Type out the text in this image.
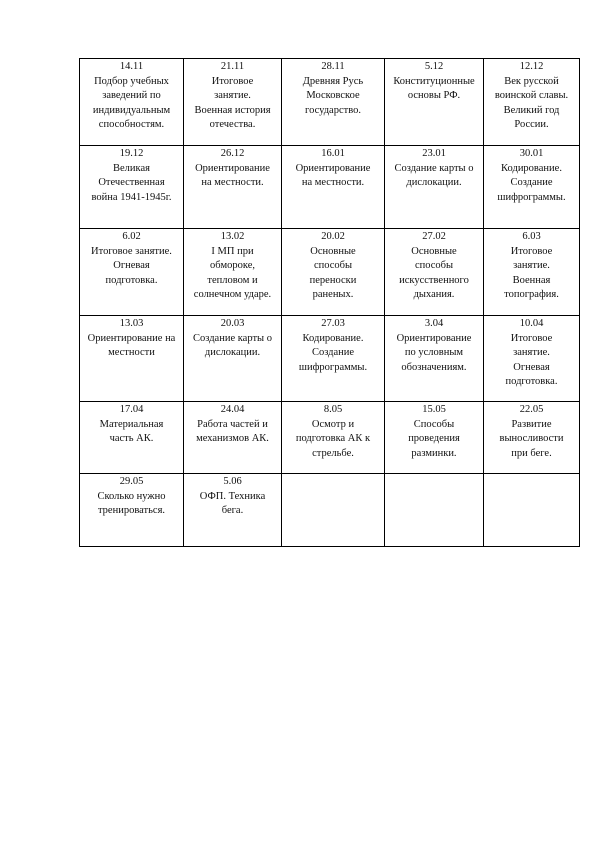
14.11
Подбор учебных
заведений по
индивидуальным
способностям.	21.11
Итоговое
занятие.
Военная история
отечества.	28.11
Древняя Русь
Московское
государство.	5.12
Конституционные
основы РФ.	12.12
Век русской
воинской славы.
Великий год
России.

19.12
Великая
Отечественная
война 1941-1945г.	26.12
Ориентирование
на местности.	16.01
Ориентирование
на местности.	23.01
Создание карты о
дислокации.	30.01
Кодирование.
Создание
шифрограммы.

6.02
Итоговое занятие.
Огневая
подготовка.	13.02
I МП при
обмороке,
тепловом и
солнечном ударе.	20.02
Основные
способы
переноски
раненых.	27.02
Основные
способы
искусственного
дыхания.	6.03
Итоговое
занятие.
Военная
топография.

13.03
Ориентирование на
местности	20.03
Создание карты о
дислокации.	27.03
Кодирование.
Создание
шифрограммы.	3.04
Ориентирование
по условным
обозначениям.	10.04
Итоговое
занятие.
Огневая
подготовка.

17.04
Материальная
часть АК.	24.04
Работа частей и
механизмов АК.	8.05
Осмотр и
подготовка АК к
стрельбе.	15.05
Способы
проведения
разминки.	22.05
Развитие
выносливости
при беге.

29.05
Сколько нужно
тренироваться.	5.06
ОФП. Техника
бега.			
